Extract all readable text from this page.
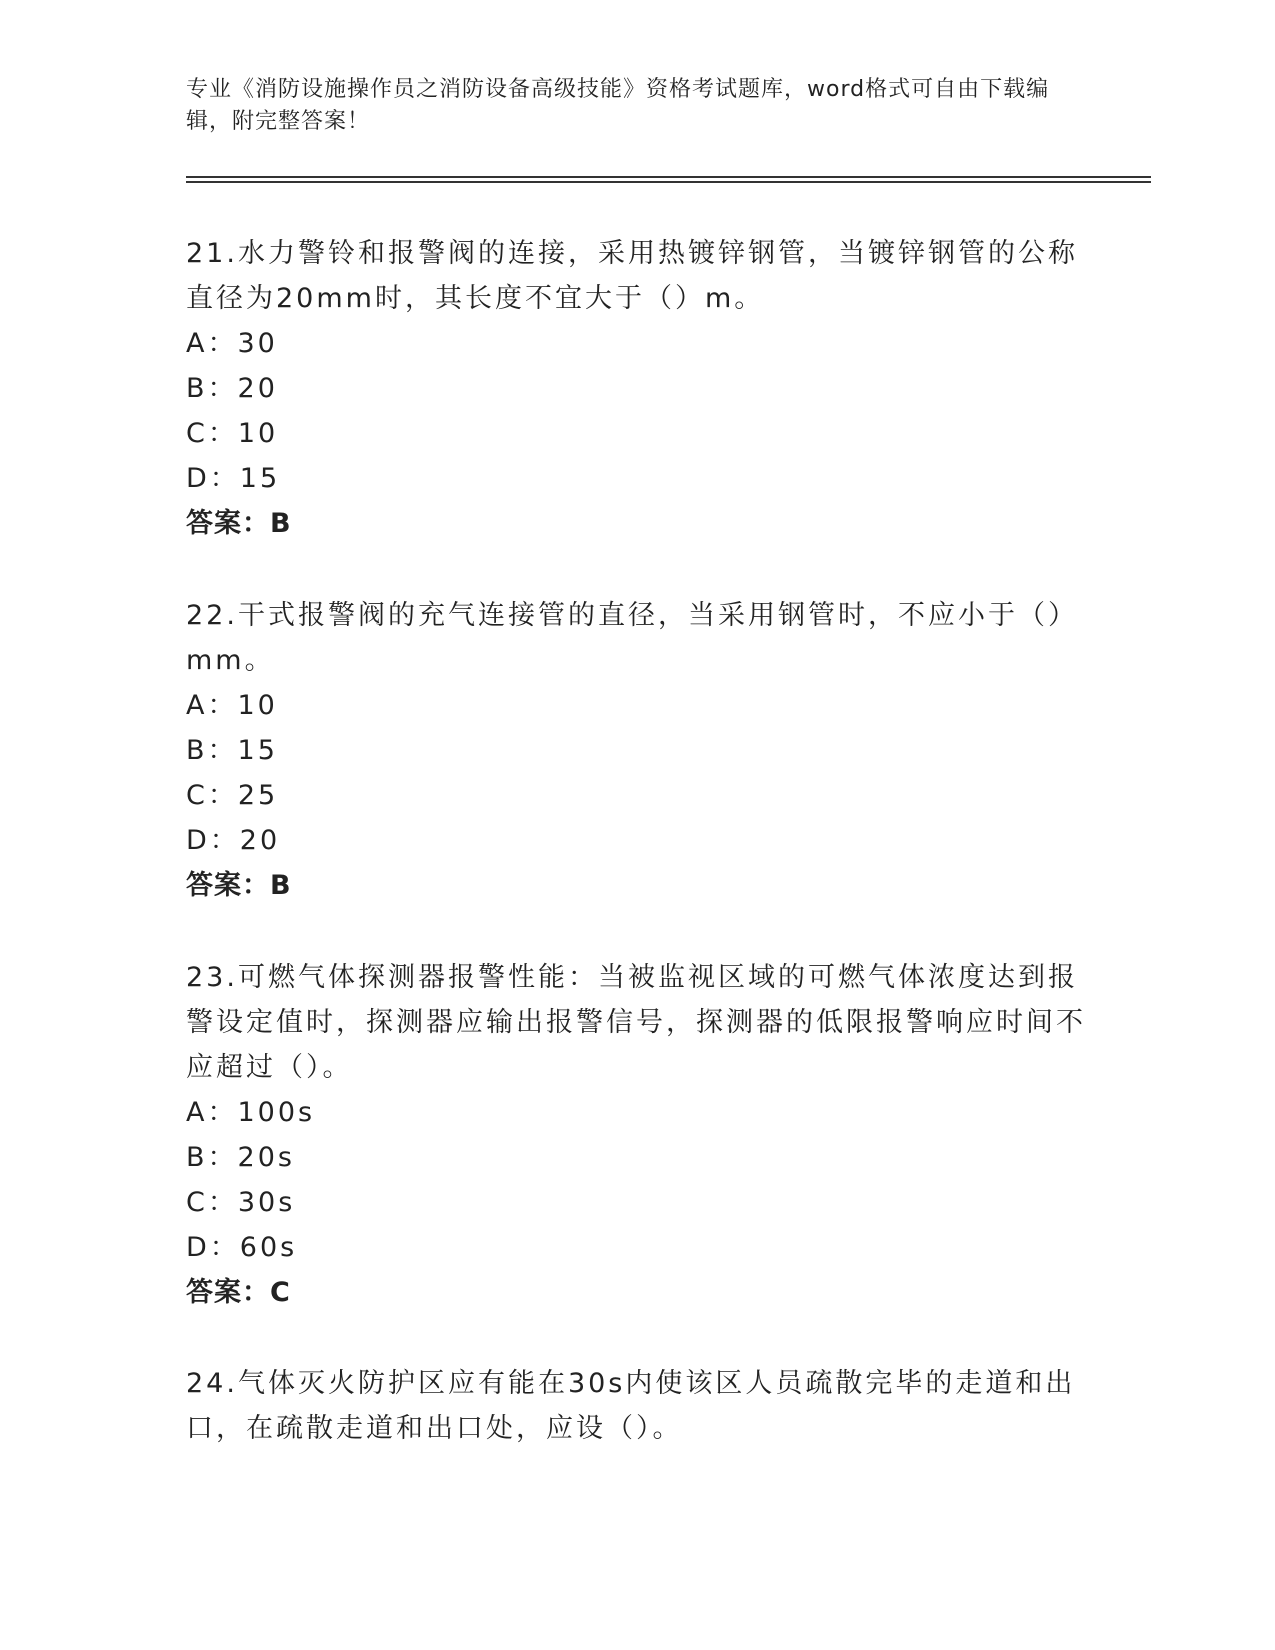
专业《消防设施操作员之消防设备高级技能》资格考试题库，word格式可自由下载编辑，附完整答案！

21.水力警铃和报警阀的连接，采用热镀锌钢管，当镀锌钢管的公称直径为20mm时，其长度不宜大于（）m。

A：30

B：20

C：10

D：15

答案：B

22.干式报警阀的充气连接管的直径，当采用钢管时，不应小于（）mm。

A：10

B：15

C：25

D：20

答案：B

23.可燃气体探测器报警性能：当被监视区域的可燃气体浓度达到报警设定值时，探测器应输出报警信号，探测器的低限报警响应时间不应超过（）。

A：100s

B：20s

C：30s

D：60s

答案：C

24.气体灭火防护区应有能在30s内使该区人员疏散完毕的走道和出口，在疏散走道和出口处，应设（）。
